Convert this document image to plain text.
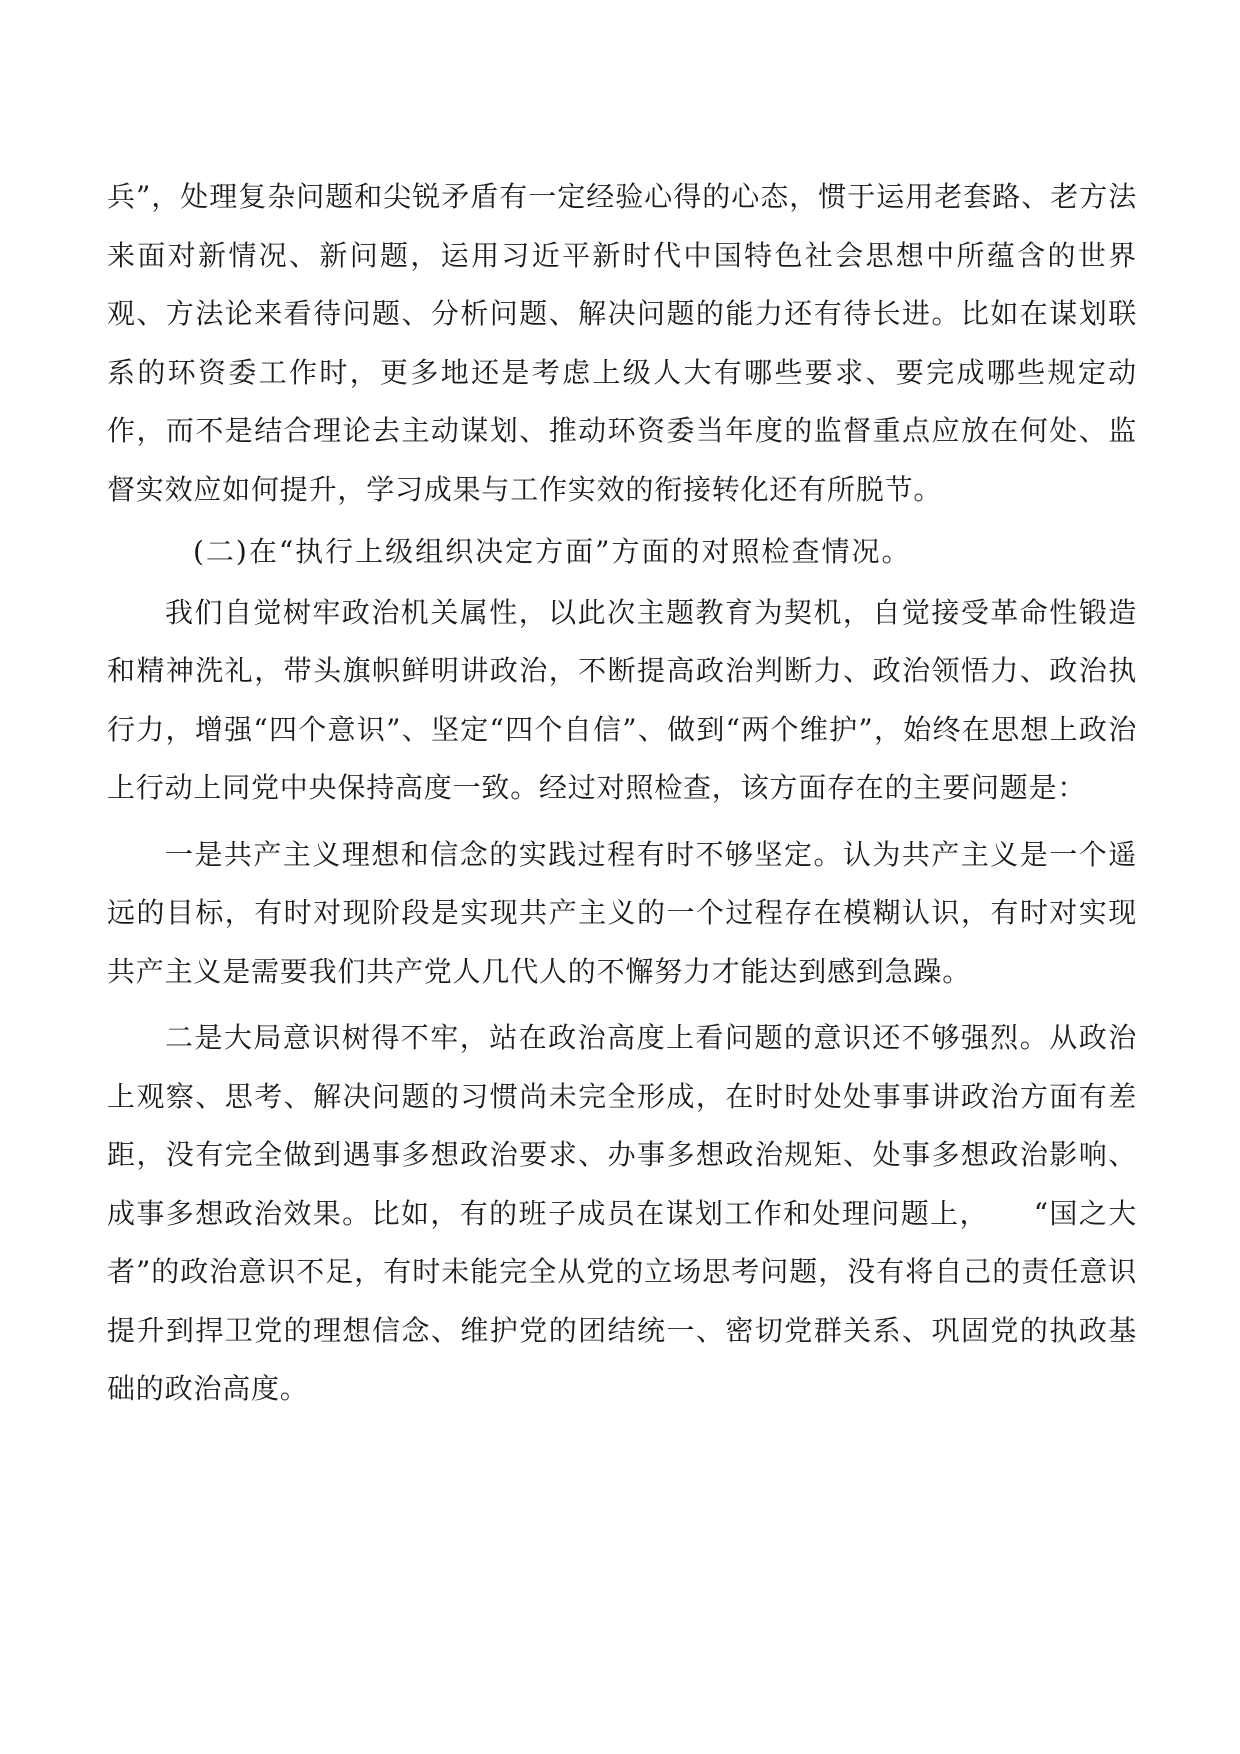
兵”，处理复杂问题和尖锐矛盾有一定经验心得的心态，惯于运用老套路、老方法来面对新情况、新问题，运用习近平新时代中国特色社会思想中所蕴含的世界观、方法论来看待问题、分析问题、解决问题的能力还有待长进。比如在谋划联系的环资委工作时，更多地还是考虑上级人大有哪些要求、要完成哪些规定动作，而不是结合理论去主动谋划、推动环资委当年度的监督重点应放在何处、监督实效应如何提升，学习成果与工作实效的衔接转化还有所脱节。

(二)在“执行上级组织决定方面”方面的对照检查情况。

我们自觉树牢政治机关属性，以此次主题教育为契机，自觉接受革命性锻造和精神洗礼，带头旗帜鲜明讲政治，不断提高政治判断力、政治领悟力、政治执行力，增强“四个意识”、坚定“四个自信”、做到“两个维护”，始终在思想上政治上行动上同党中央保持高度一致。经过对照检查，该方面存在的主要问题是：

一是共产主义理想和信念的实践过程有时不够坚定。认为共产主义是一个遥远的目标，有时对现阶段是实现共产主义的一个过程存在模糊认识，有时对实现共产主义是需要我们共产党人几代人的不懈努力才能达到感到急躁。

二是大局意识树得不牢，站在政治高度上看问题的意识还不够强烈。从政治上观察、思考、解决问题的习惯尚未完全形成，在时时处处事事讲政治方面有差距，没有完全做到遇事多想政治要求、办事多想政治规矩、处事多想政治影响、成事多想政治效果。比如，有的班子成员在谋划工作和处理问题上，　　“国之大者”的政治意识不足，有时未能完全从党的立场思考问题，没有将自己的责任意识提升到捍卫党的理想信念、维护党的团结统一、密切党群关系、巩固党的执政基础的政治高度。
